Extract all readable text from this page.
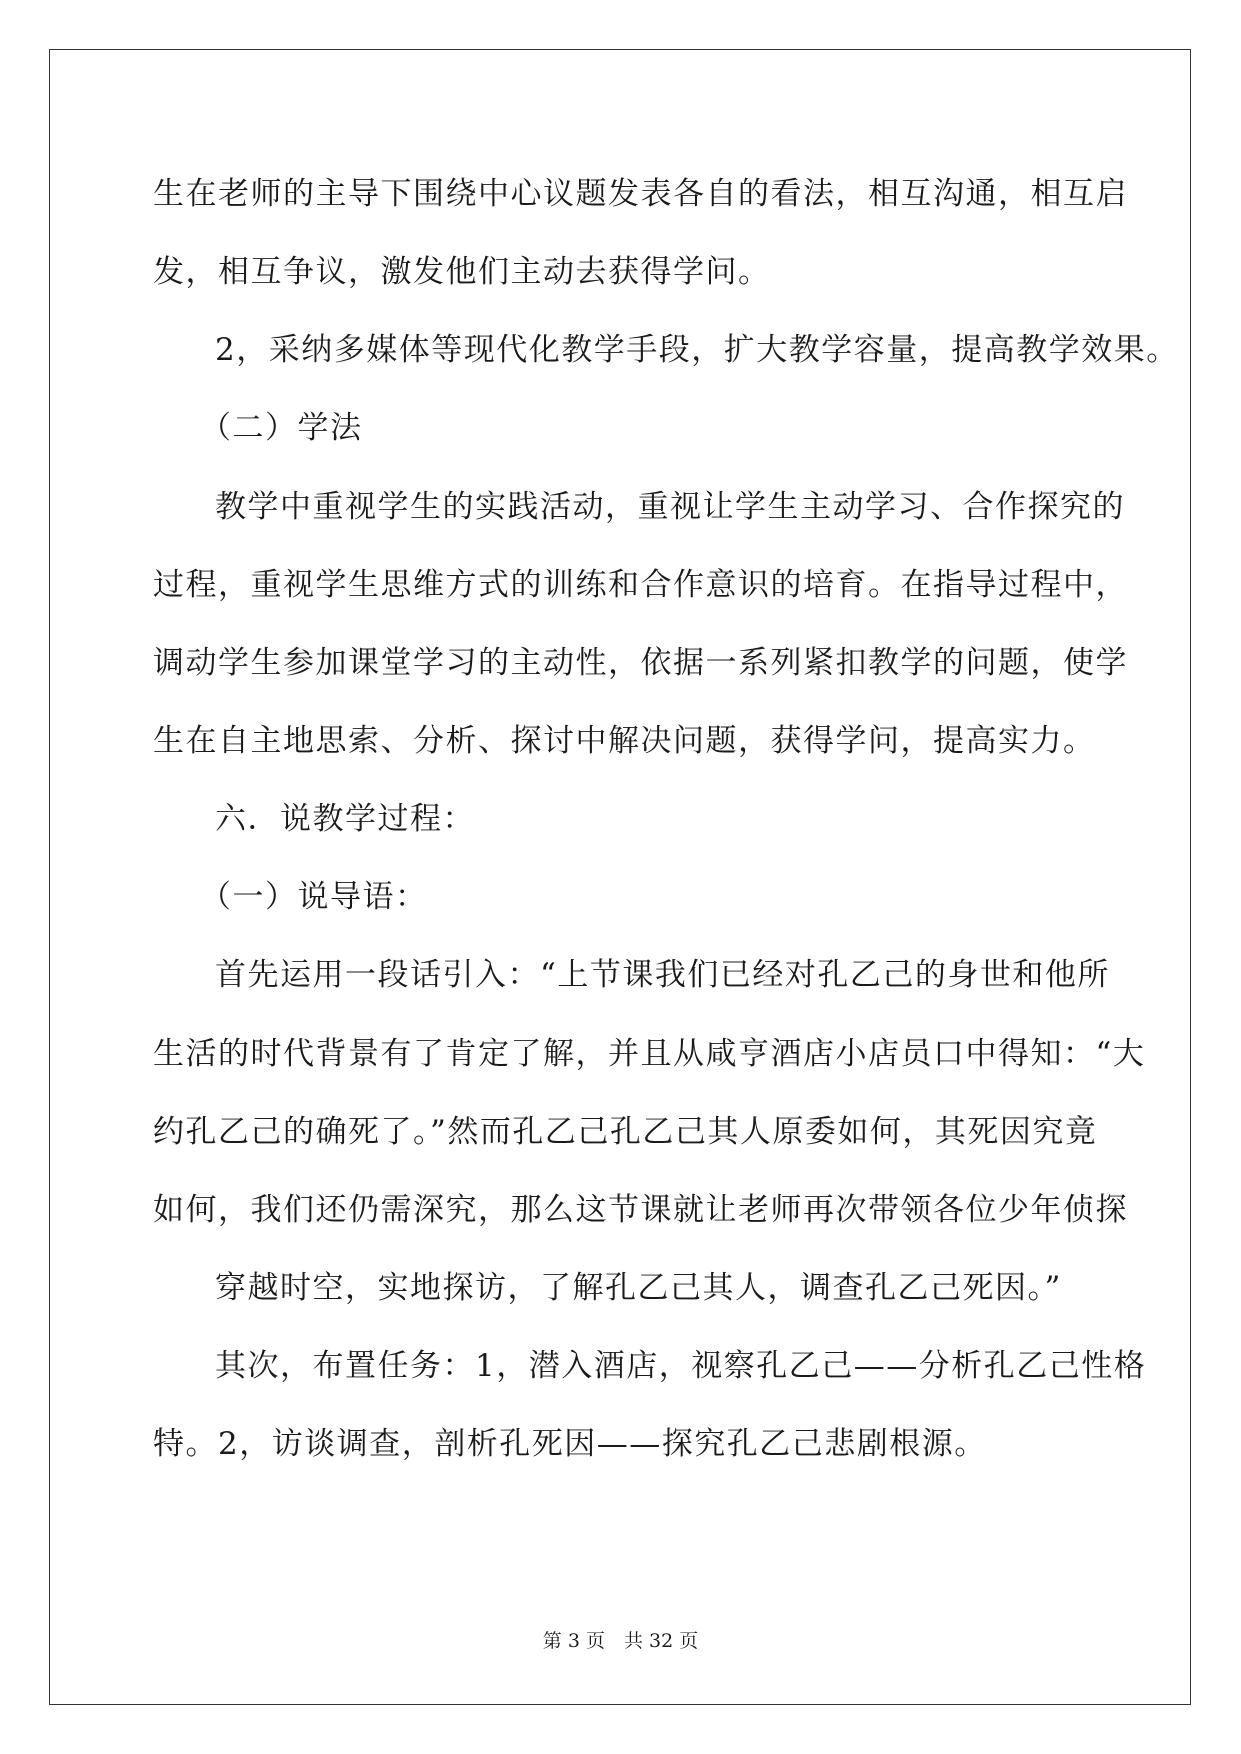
生在老师的主导下围绕中心议题发表各自的看法，相互沟通，相互启
发，相互争议，激发他们主动去获得学问。
2，采纳多媒体等现代化教学手段，扩大教学容量，提高教学效果。
（二）学法
教学中重视学生的实践活动，重视让学生主动学习、合作探究的
过程，重视学生思维方式的训练和合作意识的培育。在指导过程中，
调动学生参加课堂学习的主动性，依据一系列紧扣教学的问题，使学
生在自主地思索、分析、探讨中解决问题，获得学问，提高实力。
六．说教学过程：
（一）说导语：
首先运用一段话引入：“上节课我们已经对孔乙己的身世和他所
生活的时代背景有了肯定了解，并且从咸亨酒店小店员口中得知：“大
约孔乙己的确死了。”然而孔乙己孔乙己其人原委如何，其死因究竟
如何，我们还仍需深究，那么这节课就让老师再次带领各位少年侦探
穿越时空，实地探访，了解孔乙己其人，调查孔乙己死因。”
其次，布置任务：1，潜入酒店，视察孔乙己——分析孔乙己性格
特。2，访谈调查，剖析孔死因——探究孔乙己悲剧根源。
第 3 页　共 32 页
